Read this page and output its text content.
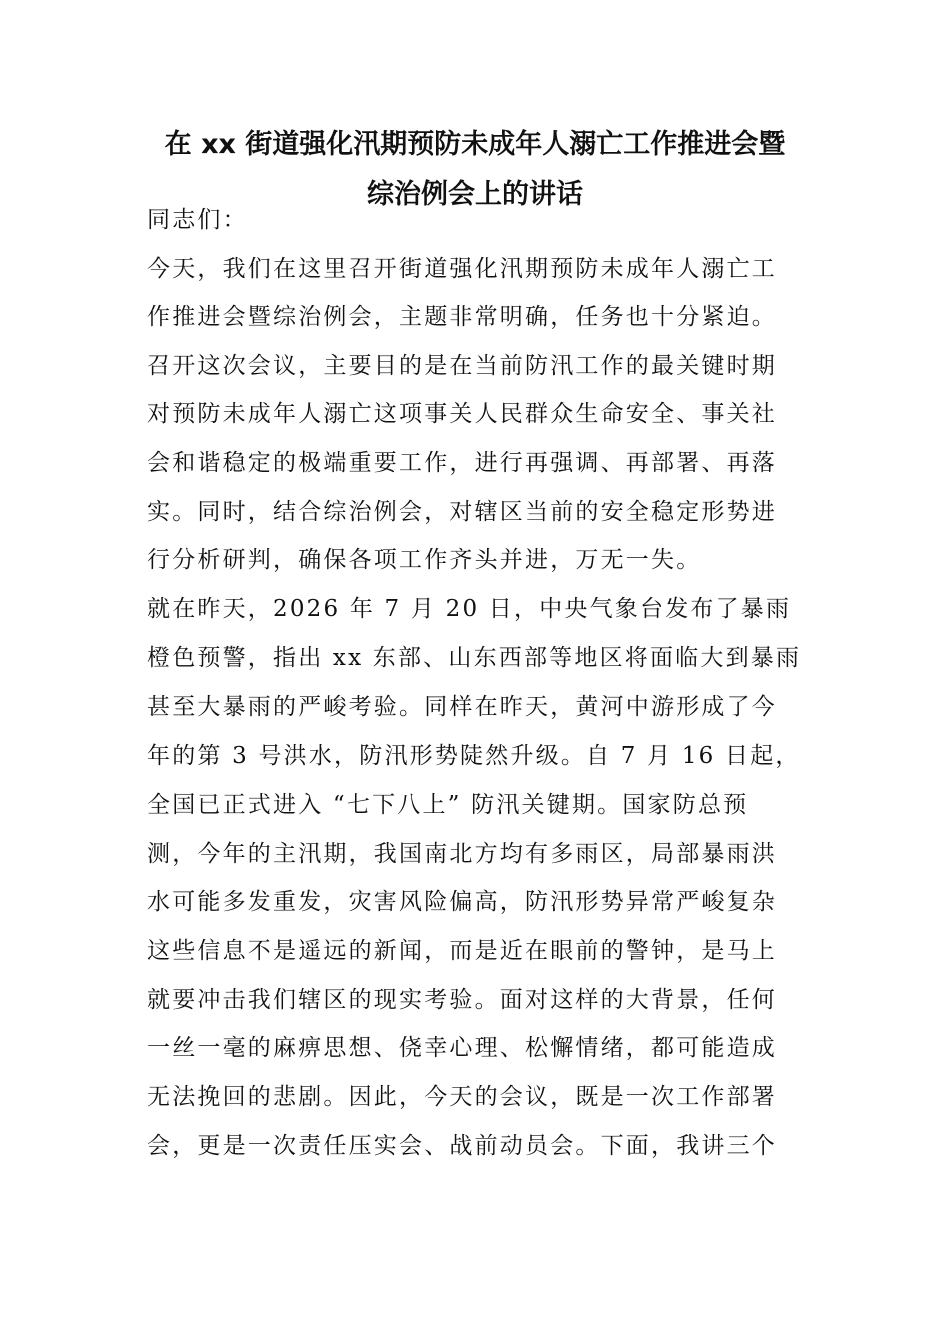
在 xx 街道强化汛期预防未成年人溺亡工作推进会暨
综治例会上的讲话
同志们：
今天，我们在这里召开街道强化汛期预防未成年人溺亡工
作推进会暨综治例会，主题非常明确，任务也十分紧迫。
召开这次会议，主要目的是在当前防汛工作的最关键时期
对预防未成年人溺亡这项事关人民群众生命安全、事关社
会和谐稳定的极端重要工作，进行再强调、再部署、再落
实。同时，结合综治例会，对辖区当前的安全稳定形势进
行分析研判，确保各项工作齐头并进，万无一失。
就在昨天，2026 年 7 月 20 日，中央气象台发布了暴雨
橙色预警，指出 xx 东部、山东西部等地区将面临大到暴雨
甚至大暴雨的严峻考验。同样在昨天，黄河中游形成了今
年的第 3 号洪水，防汛形势陡然升级。自 7 月 16 日起，
全国已正式进入 “七下八上” 防汛关键期。国家防总预
测，今年的主汛期，我国南北方均有多雨区，局部暴雨洪
水可能多发重发，灾害风险偏高，防汛形势异常严峻复杂
这些信息不是遥远的新闻，而是近在眼前的警钟，是马上
就要冲击我们辖区的现实考验。面对这样的大背景，任何
一丝一毫的麻痹思想、侥幸心理、松懈情绪，都可能造成
无法挽回的悲剧。因此，今天的会议，既是一次工作部署
会，更是一次责任压实会、战前动员会。下面，我讲三个
